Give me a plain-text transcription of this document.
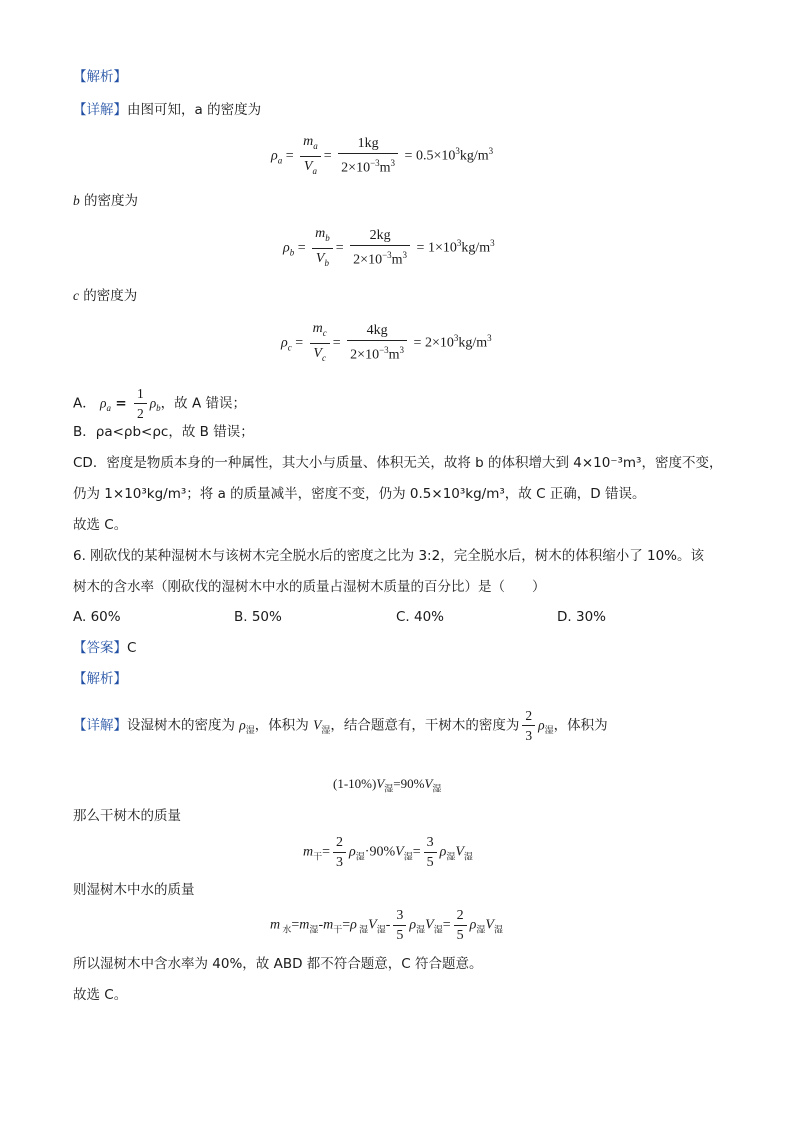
【解析】
【详解】由图可知，a 的密度为
$\rho_a = \frac{m_a}{V_a} = \frac{1kg}{2\times 10^{-3}m^3} = 0.5\times 10^3kg/m^3$
b 的密度为
$\rho_b = \frac{m_b}{V_b} = \frac{2kg}{2\times 10^{-3}m^3} = 1\times 10^3kg/m^3$
c 的密度为
$\rho_c = \frac{m_c}{V_c} = \frac{4kg}{2\times 10^{-3}m^3} = 2\times 10^3kg/m^3$
A． $\rho_a = \frac{1}{2} \rho_b$，故 A 错误；
B．ρa<ρb<ρc，故 B 错误；
CD．密度是物质本身的一种属性，其大小与质量、体积无关，故将 b 的体积增大到 4×10⁻³m³，密度不变，
仍为 1×10³kg/m³；将 a 的质量减半，密度不变，仍为 0.5×10³kg/m³，故 C 正确，D 错误。
故选 C。
6. 刚砍伐的某种湿树木与该树木完全脱水后的密度之比为 3:2，完全脱水后，树木的体积缩小了 10%。该
树木的含水率（刚砍伐的湿树木中水的质量占湿树木质量的百分比）是（　　）
A. 60%	B. 50%	C. 40%	D. 30%
【答案】C
【解析】
【详解】设湿树木的密度为 $\rho_湿$，体积为 $V_湿$，结合题意有，干树木的密度为 $\frac{2}{3} \rho_湿$，体积为
$(1-10\%)V_湿=90\%V_湿$
那么干树木的质量
$m_干= \frac{2}{3} \rho_湿\cdot 90\%V_湿= \frac{3}{5} \rho_湿V_湿$
则湿树木中水的质量
m $_水=m_湿-m_干=\rho$ $_湿V_湿- \frac{3}{5} \rho_湿V_湿= \frac{2}{5} \rho_湿V_湿$
所以湿树木中含水率为 40%，故 ABD 都不符合题意，C 符合题意。
故选 C。
